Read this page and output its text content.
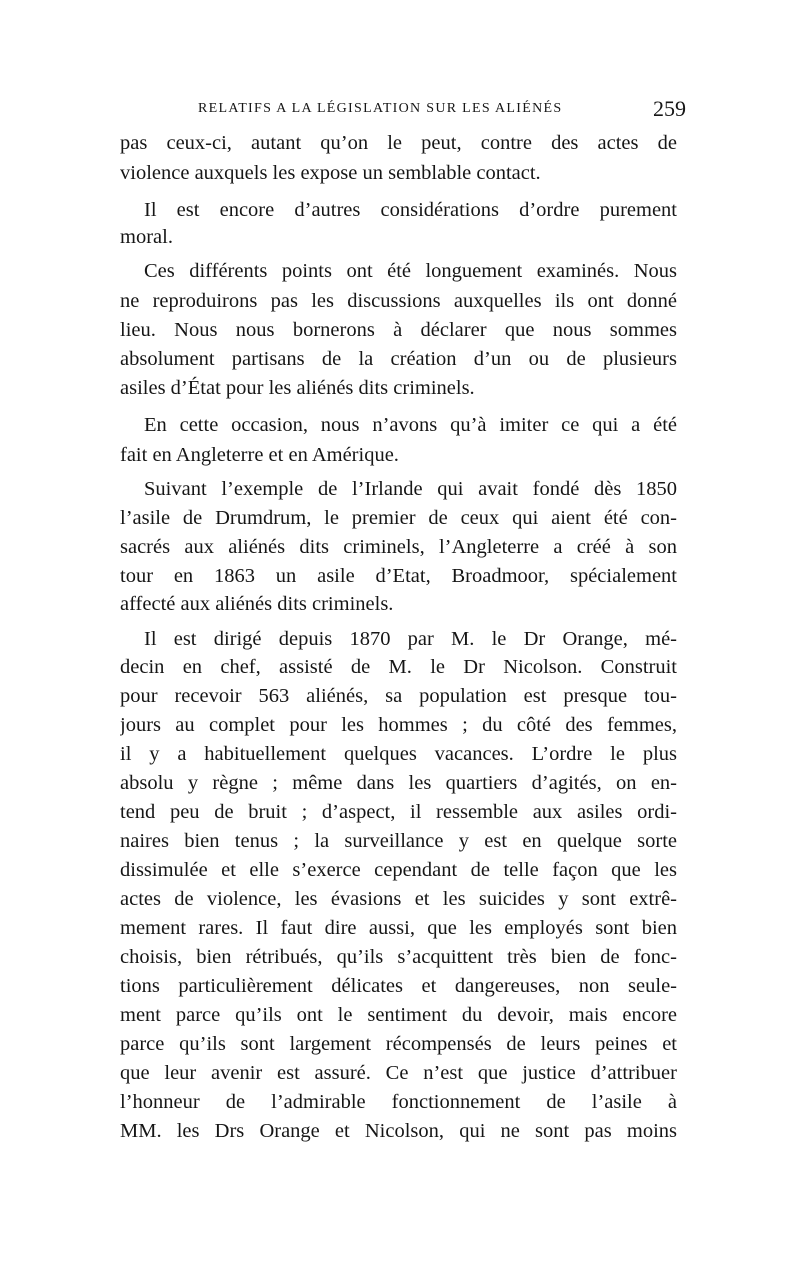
RELATIFS A LA LÉGISLATION SUR LES ALIÉNÉS	259
pas ceux-ci, autant qu’on le peut, contre des actes de
violence auxquels les expose un semblable contact.
Il est encore d’autres considérations d’ordre purement
moral.
Ces différents points ont été longuement examinés. Nous
ne reproduirons pas les discussions auxquelles ils ont donné
lieu. Nous nous bornerons à déclarer que nous sommes
absolument partisans de la création d’un ou de plusieurs
asiles d’État pour les aliénés dits criminels.
En cette occasion, nous n’avons qu’à imiter ce qui a été
fait en Angleterre et en Amérique.
Suivant l’exemple de l’Irlande qui avait fondé dès 1850
l’asile de Drumdrum, le premier de ceux qui aient été con-
sacrés aux aliénés dits criminels, l’Angleterre a créé à son
tour en 1863 un asile d’Etat, Broadmoor, spécialement
affecté aux aliénés dits criminels.
Il est dirigé depuis 1870 par M. le Dr Orange, mé-
decin en chef, assisté de M. le Dr Nicolson. Construit
pour recevoir 563 aliénés, sa population est presque tou-
jours au complet pour les hommes ; du côté des femmes,
il y a habituellement quelques vacances. L’ordre le plus
absolu y règne ; même dans les quartiers d’agités, on en-
tend peu de bruit ; d’aspect, il ressemble aux asiles ordi-
naires bien tenus ; la surveillance y est en quelque sorte
dissimulée et elle s’exerce cependant de telle façon que les
actes de violence, les évasions et les suicides y sont extrê-
mement rares. Il faut dire aussi, que les employés sont bien
choisis, bien rétribués, qu’ils s’acquittent très bien de fonc-
tions particulièrement délicates et dangereuses, non seule-
ment parce qu’ils ont le sentiment du devoir, mais encore
parce qu’ils sont largement récompensés de leurs peines et
que leur avenir est assuré. Ce n’est que justice d’attribuer
l’honneur de l’admirable fonctionnement de l’asile à
MM. les Drs Orange et Nicolson, qui ne sont pas moins
